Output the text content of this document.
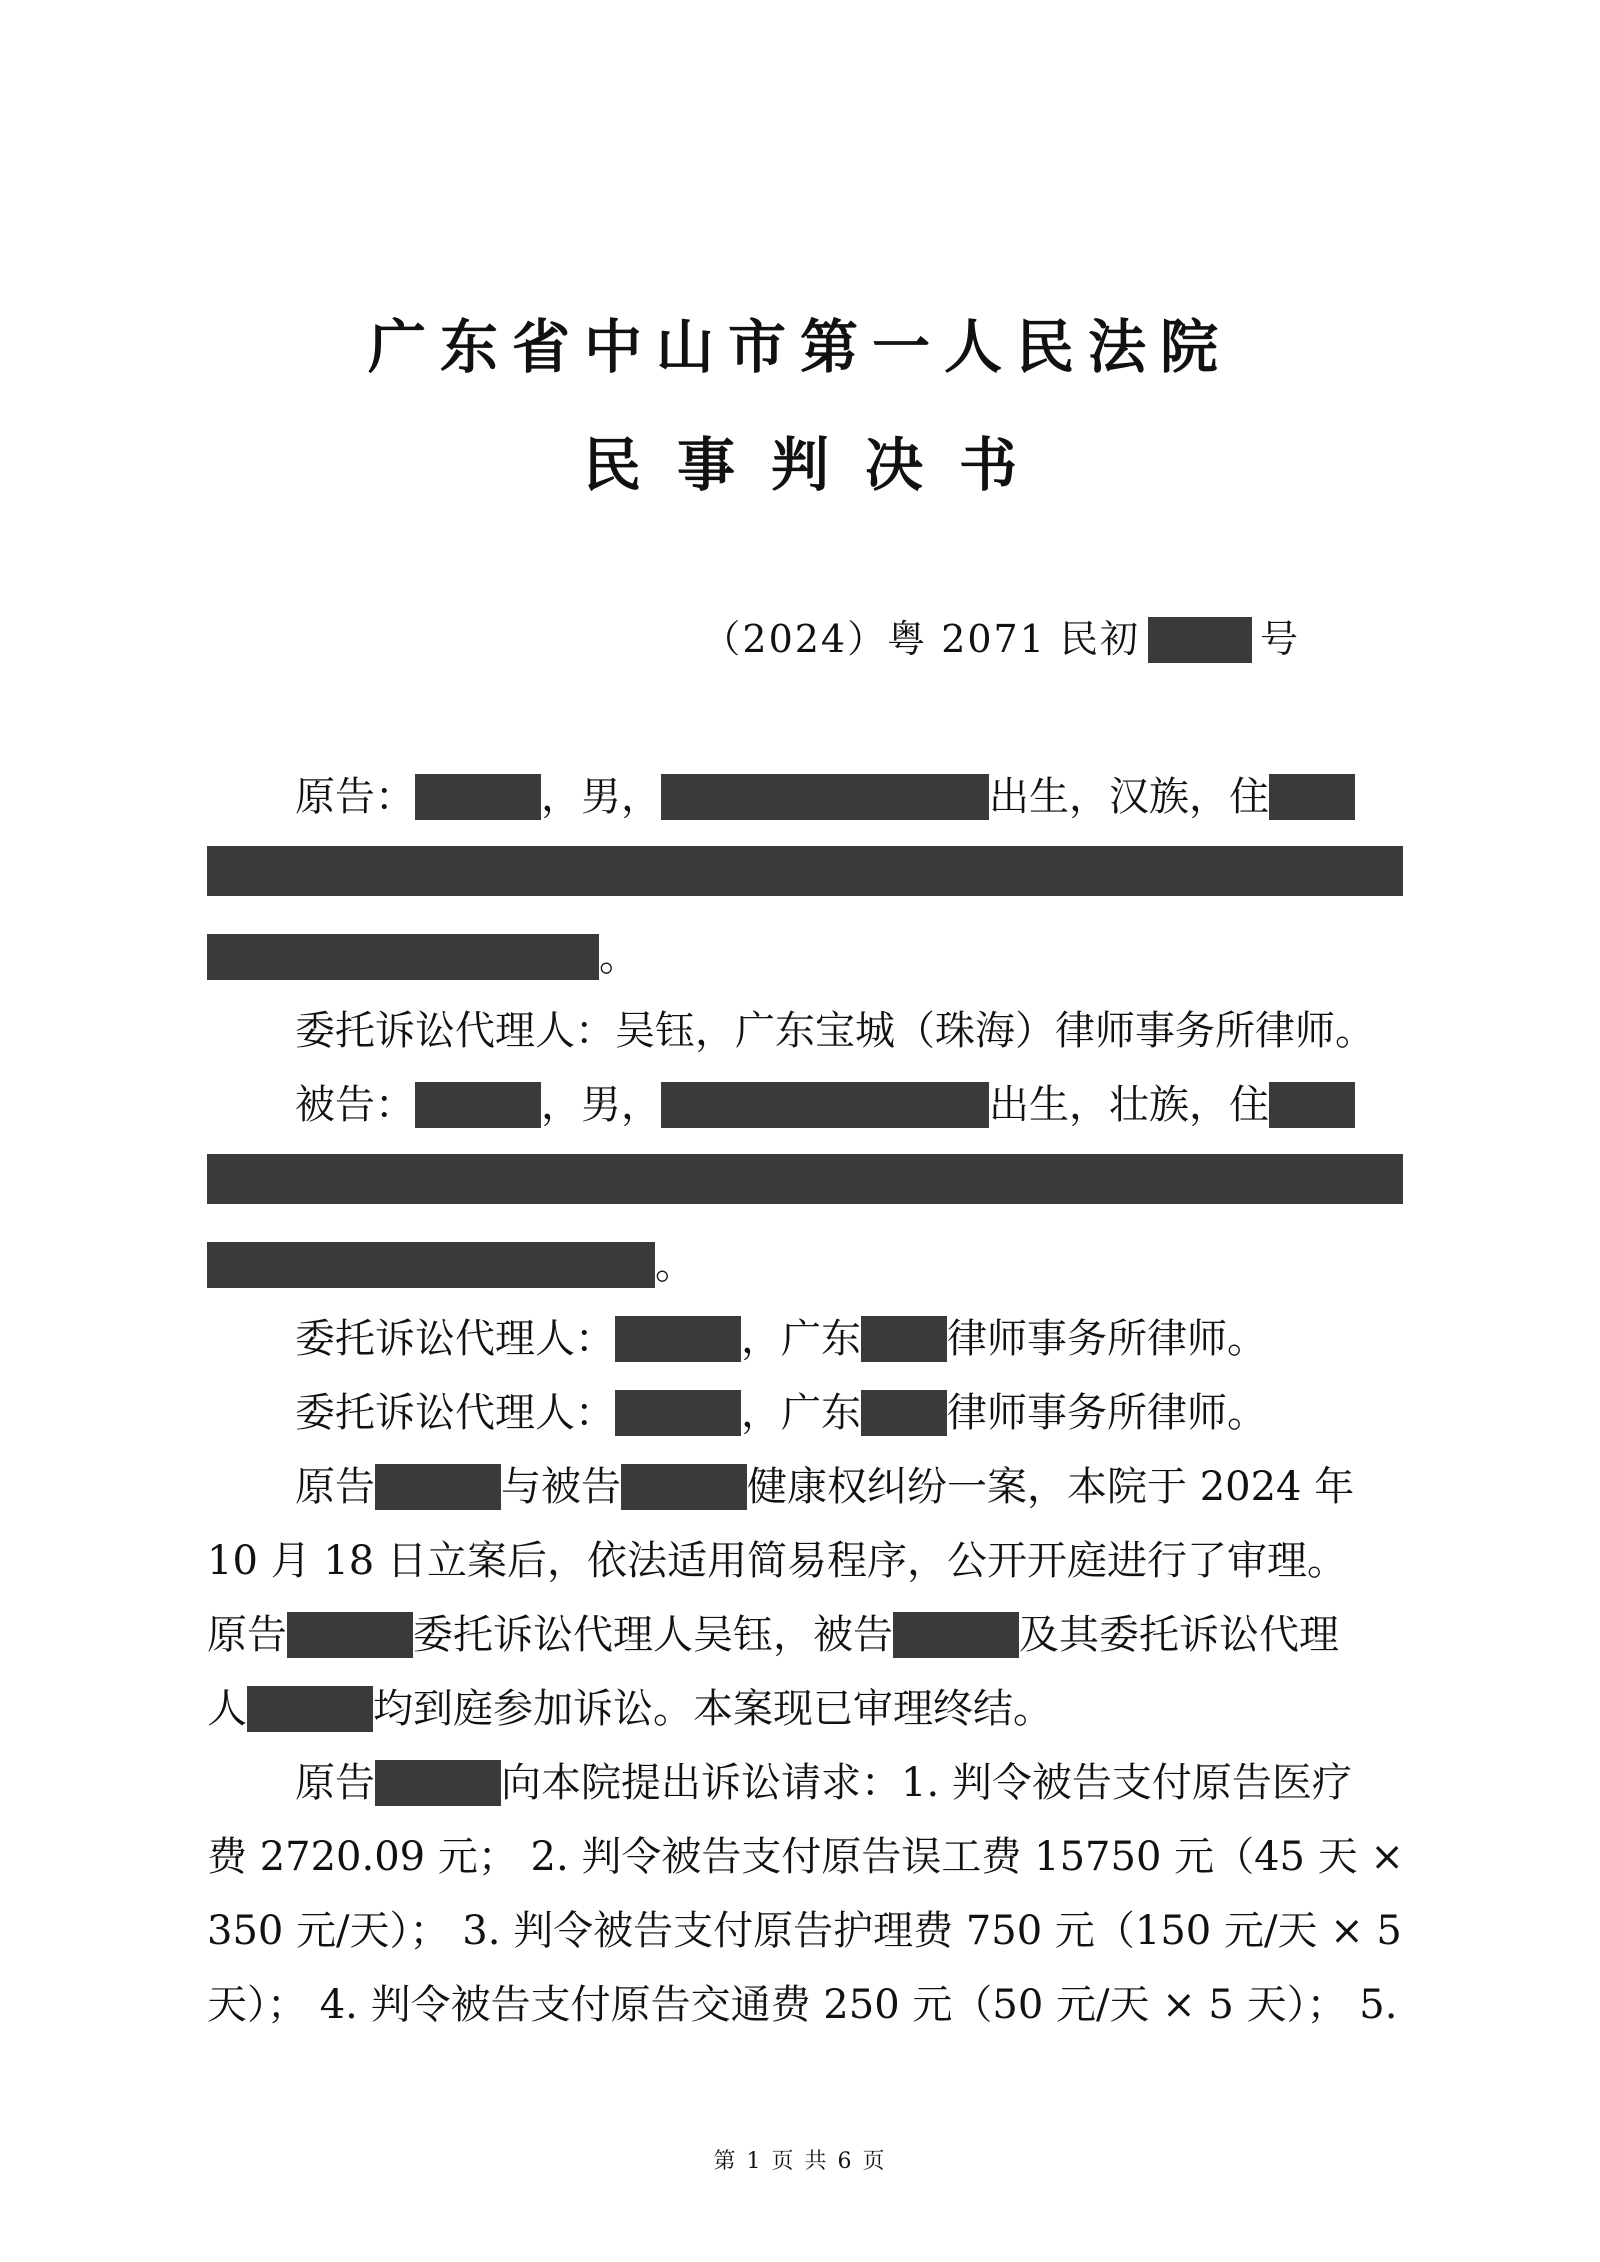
广东省中山市第一人民法院
民事判决书
（2024）粤 2071 民初	号
原告：	，男，	出生，汉族，住
。
委托诉讼代理人：吴钰，广东宝城（珠海）律师事务所律师。
被告：	，男，	出生，壮族，住
。
委托诉讼代理人：	，广东 律师事务所律师。
委托诉讼代理人：	，广东 律师事务所律师。
原告	与被告	健康权纠纷一案，本院于 2024 年
10 月 18 日立案后，依法适用简易程序，公开开庭进行了审理。
原告	委托诉讼代理人吴钰，被告	及其委托诉讼代理
人	均到庭参加诉讼。本案现已审理终结。
原告	向本院提出诉讼请求：1. 判令被告支付原告医疗
费 2720.09 元； 2. 判令被告支付原告误工费 15750 元（45 天 ×
350 元/天）； 3. 判令被告支付原告护理费 750 元（150 元/天 × 5
天）； 4. 判令被告支付原告交通费 250 元（50 元/天 × 5 天）； 5.
第 1 页 共 6 页
